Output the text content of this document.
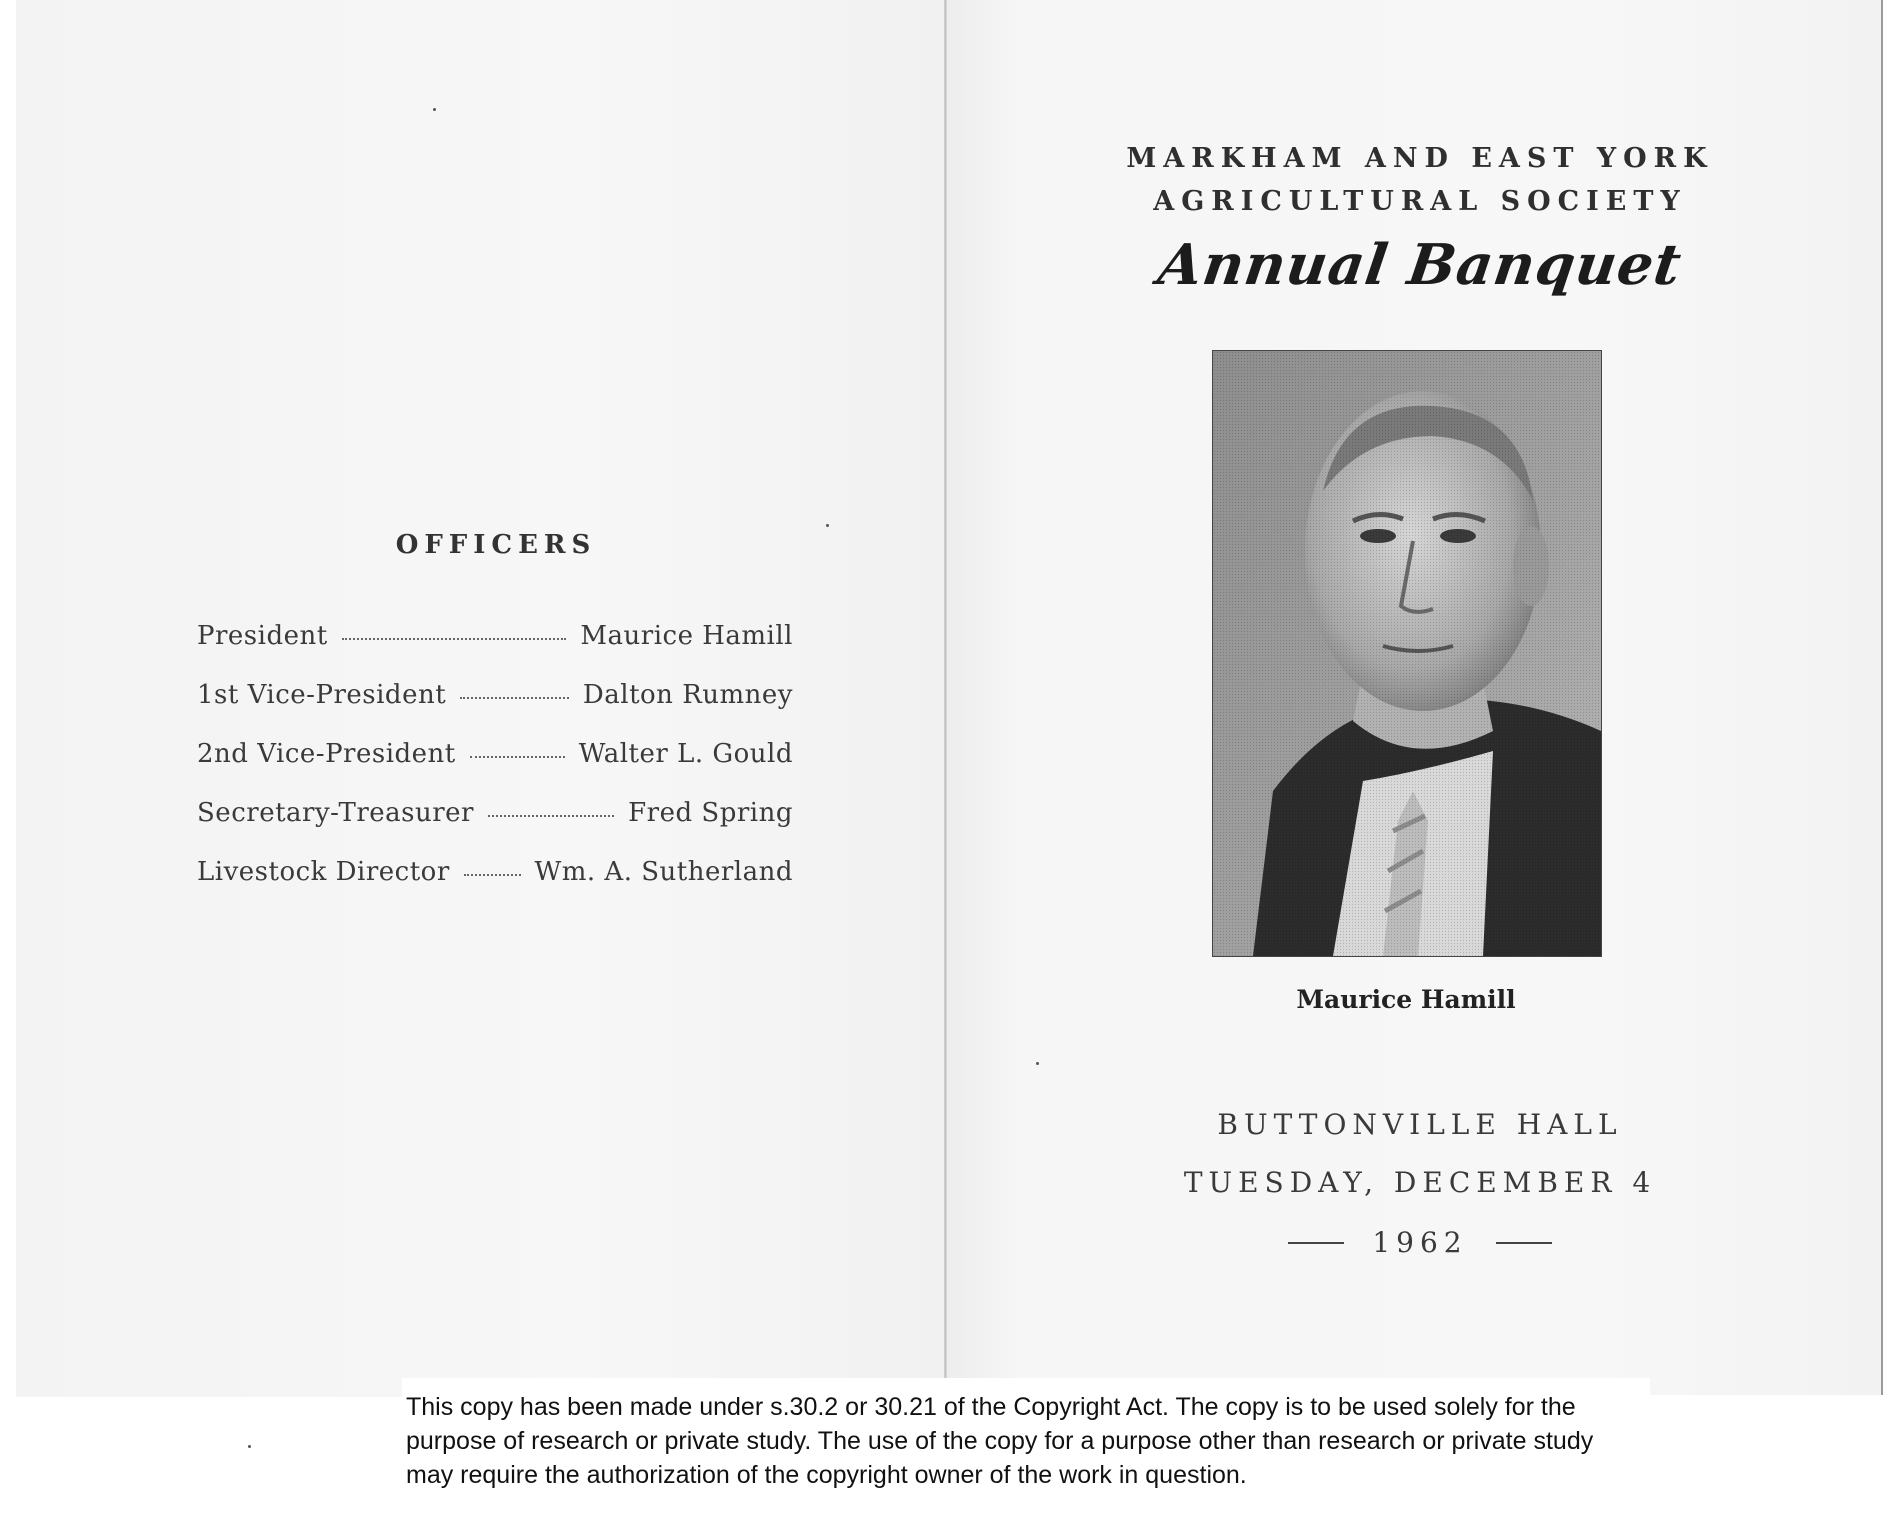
OFFICERS
President	Maurice Hamill
1st Vice-President	Dalton Rumney
2nd Vice-President	Walter L. Gould
Secretary-Treasurer	Fred Spring
Livestock Director	Wm. A. Sutherland
MARKHAM AND EAST YORK
AGRICULTURAL SOCIETY
Annual Banquet
Maurice Hamill
BUTTONVILLE HALL
TUESDAY, DECEMBER 4
1962
This copy has been made under s.30.2 or 30.21 of the Copyright Act. The copy is to be used solely for the purpose of research or private study. The use of the copy for a purpose other than research or private study may require the authorization of the copyright owner of the work in question.
